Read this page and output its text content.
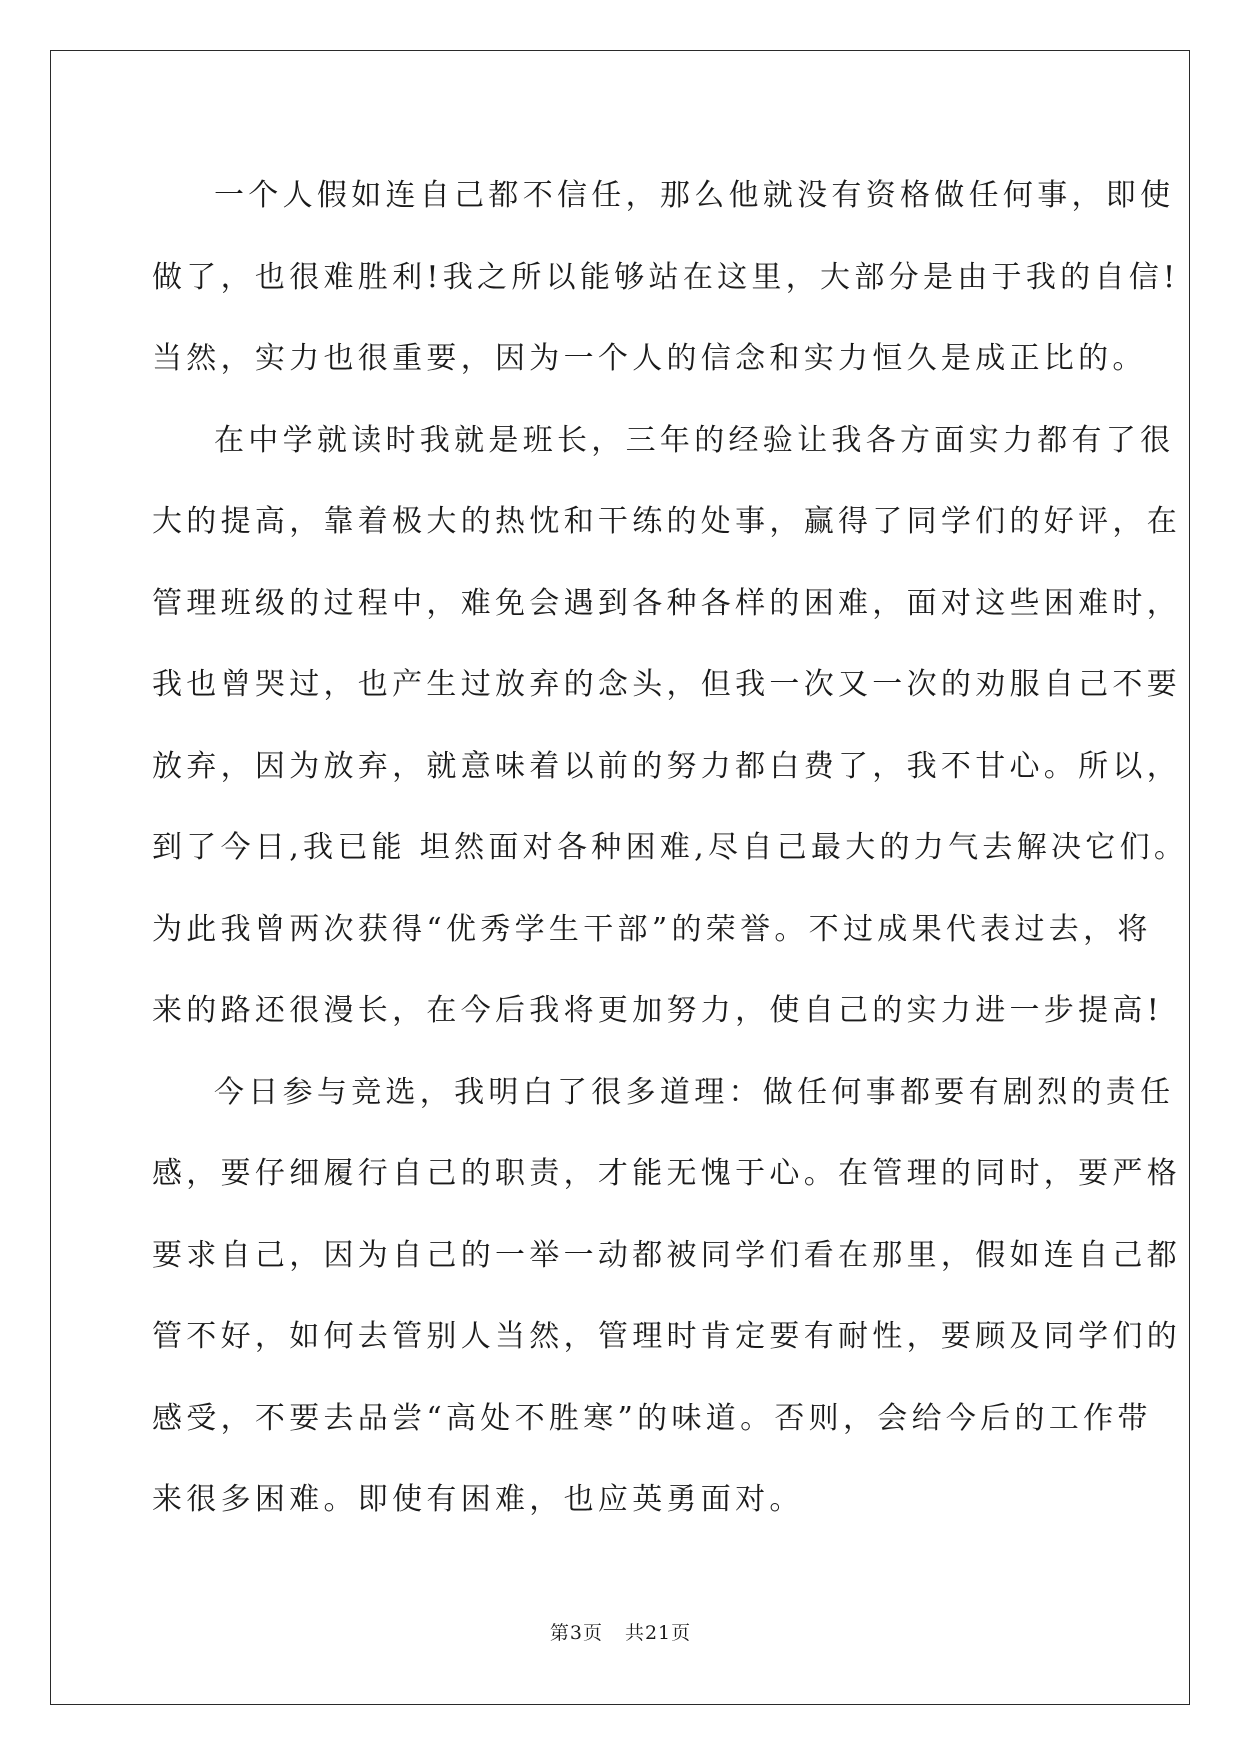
一个人假如连自己都不信任，那么他就没有资格做任何事，即使
做了，也很难胜利!我之所以能够站在这里，大部分是由于我的自信!
当然，实力也很重要，因为一个人的信念和实力恒久是成正比的。

在中学就读时我就是班长，三年的经验让我各方面实力都有了很
大的提高，靠着极大的热忱和干练的处事，赢得了同学们的好评，在
管理班级的过程中，难免会遇到各种各样的困难，面对这些困难时，
我也曾哭过，也产生过放弃的念头，但我一次又一次的劝服自己不要
放弃，因为放弃，就意味着以前的努力都白费了，我不甘心。所以，
到了今日,我已能 坦然面对各种困难,尽自己最大的力气去解决它们。
为此我曾两次获得“优秀学生干部”的荣誉。不过成果代表过去，将
来的路还很漫长，在今后我将更加努力，使自己的实力进一步提高!

今日参与竞选，我明白了很多道理：做任何事都要有剧烈的责任
感，要仔细履行自己的职责，才能无愧于心。在管理的同时，要严格
要求自己，因为自己的一举一动都被同学们看在那里，假如连自己都
管不好，如何去管别人当然，管理时肯定要有耐性，要顾及同学们的
感受，不要去品尝“高处不胜寒”的味道。否则，会给今后的工作带
来很多困难。即使有困难，也应英勇面对。

第3页 共21页
